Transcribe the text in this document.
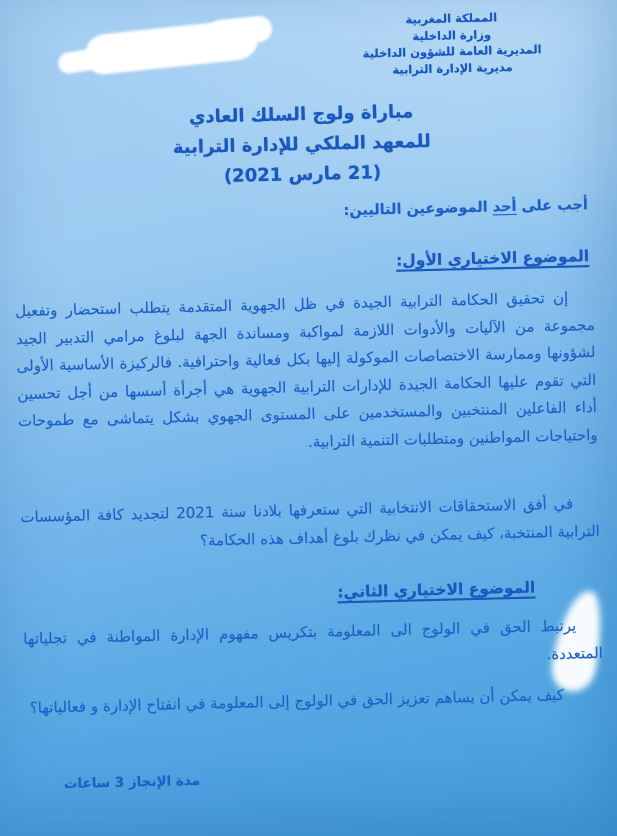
المملكة المغربية
وزارة الداخلية
المديرية العامة للشؤون الداخلية
مديرية الإدارة الترابية
مباراة ولوج السلك العادي
للمعهد الملكي للإدارة الترابية
(21 مارس 2021)
أجب على أحد الموضوعين التاليين:
الموضوع الاختياري الأول:

إن تحقيق الحكامة الترابية الجيدة في ظل الجهوية المتقدمة يتطلب استحضار وتفعيل مجموعة من الآليات والأدوات اللازمة لمواكبة ومساندة الجهة لبلوغ مرامي التدبير الجيد لشؤونها وممارسة الاختصاصات الموكولة إليها بكل فعالية واحترافية. فالركيزة الأساسية الأولى التي تقوم عليها الحكامة الجيدة للإدارات الترابية الجهوية هي أجرأة أسسها من أجل تحسين أداء الفاعلين المنتخبين والمستخدمين على المستوى الجهوي بشكل يتماشى مع طموحات واحتياجات المواطنين ومتطلبات التنمية الترابية.

في أفق الاستحقاقات الانتخابية التي ستعرفها بلادنا سنة 2021 لتجديد كافة المؤسسات الترابية المنتخبة، كيف يمكن في نظرك بلوغ أهداف هذه الحكامة؟

الموضوع الاختياري الثاني:

يرتبط الحق في الولوج الى المعلومة بتكريس مفهوم الإدارة المواطنة في تجلياتها المتعددة.

كيف يمكن أن يساهم تعزيز الحق في الولوج إلى المعلومة في انفتاح الإدارة و فعالياتها؟

مدة الإنجاز 3 ساعات
